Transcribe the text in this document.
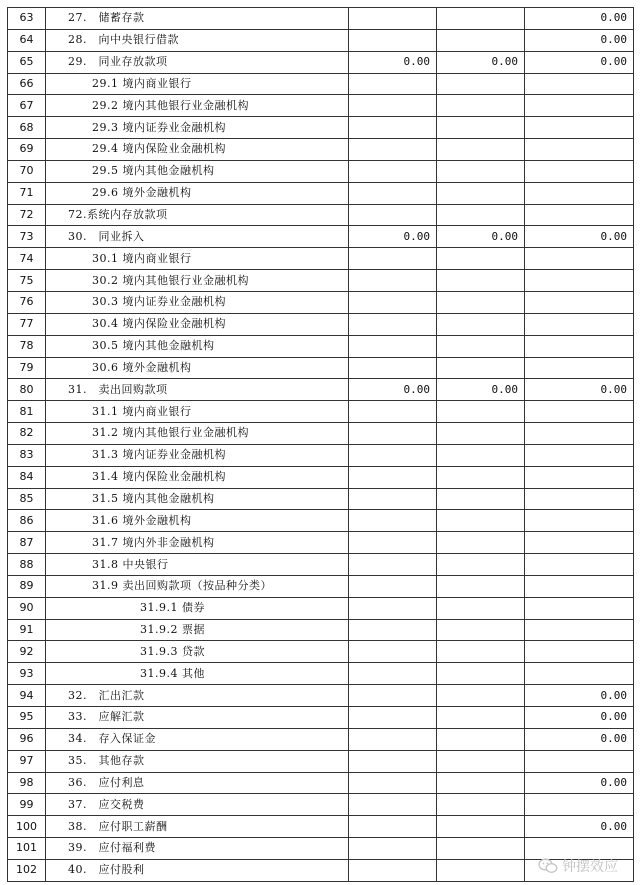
63	27.　储蓄存款			0.00
64	28.　向中央银行借款			0.00
65	29.　同业存放款项	0.00	0.00	0.00
66	29.1 境内商业银行			
67	29.2 境内其他银行业金融机构			
68	29.3 境内证券业金融机构			
69	29.4 境内保险业金融机构			
70	29.5 境内其他金融机构			
71	29.6 境外金融机构			
72	72.系统内存放款项			
73	30.　同业拆入	0.00	0.00	0.00
74	30.1 境内商业银行			
75	30.2 境内其他银行业金融机构			
76	30.3 境内证券业金融机构			
77	30.4 境内保险业金融机构			
78	30.5 境内其他金融机构			
79	30.6 境外金融机构			
80	31.　卖出回购款项	0.00	0.00	0.00
81	31.1 境内商业银行			
82	31.2 境内其他银行业金融机构			
83	31.3 境内证券业金融机构			
84	31.4 境内保险业金融机构			
85	31.5 境内其他金融机构			
86	31.6 境外金融机构			
87	31.7 境内外非金融机构			
88	31.8 中央银行			
89	31.9 卖出回购款项（按品种分类）			
90	31.9.1 债券			
91	31.9.2 票据			
92	31.9.3 贷款			
93	31.9.4 其他			
94	32.　汇出汇款			0.00
95	33.　应解汇款			0.00
96	34.　存入保证金			0.00
97	35.　其他存款			
98	36.　应付利息			0.00
99	37.　应交税费			
100	38.　应付职工薪酬			0.00
101	39.　应付福利费			
102	40.　应付股利				钟摆效应
